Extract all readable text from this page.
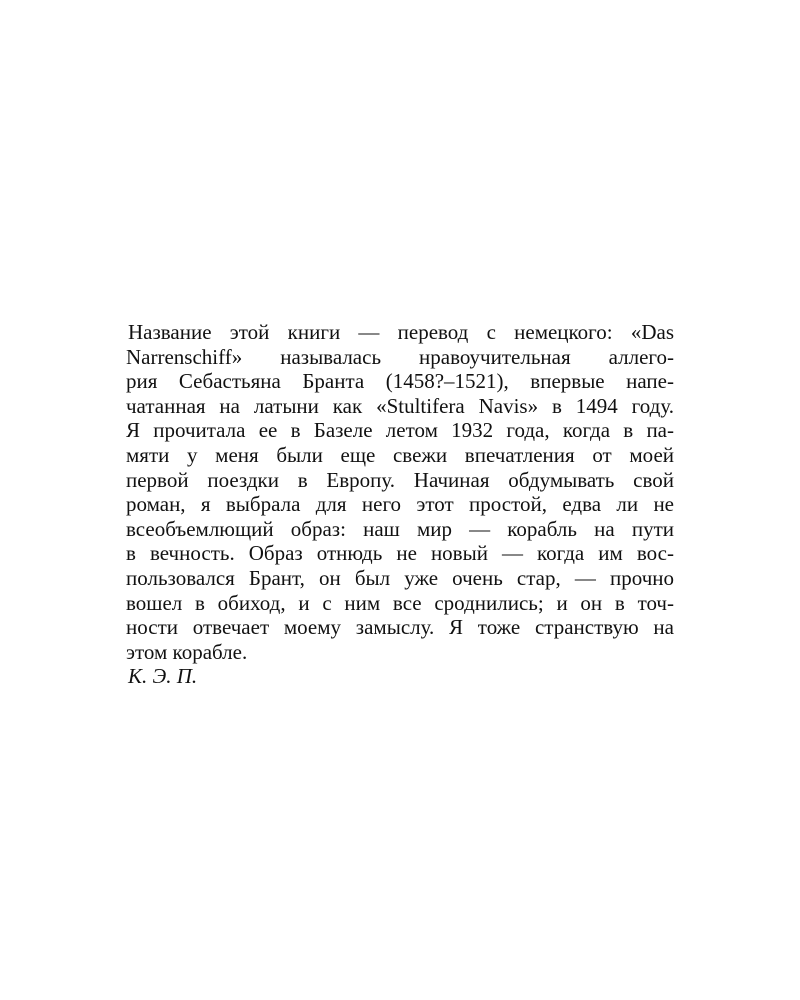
Название этой книги — перевод с немецкого: «Das
Narrenschiff» называлась нравоучительная аллего-
рия Себастьяна Бранта (1458?–1521), впервые напе-
чатанная на латыни как «Stultifera Navis» в 1494 году.
Я прочитала ее в Базеле летом 1932 года, когда в па-
мяти у меня были еще свежи впечатления от моей
первой поездки в Европу. Начиная обдумывать свой
роман, я выбрала для него этот простой, едва ли не
всеобъемлющий образ: наш мир — корабль на пути
в вечность. Образ отнюдь не новый — когда им вос-
пользовался Брант, он был уже очень стар, — прочно
вошел в обиход, и с ним все сроднились; и он в точ-
ности отвечает моему замыслу. Я тоже странствую на
этом корабле.
К. Э. П.
